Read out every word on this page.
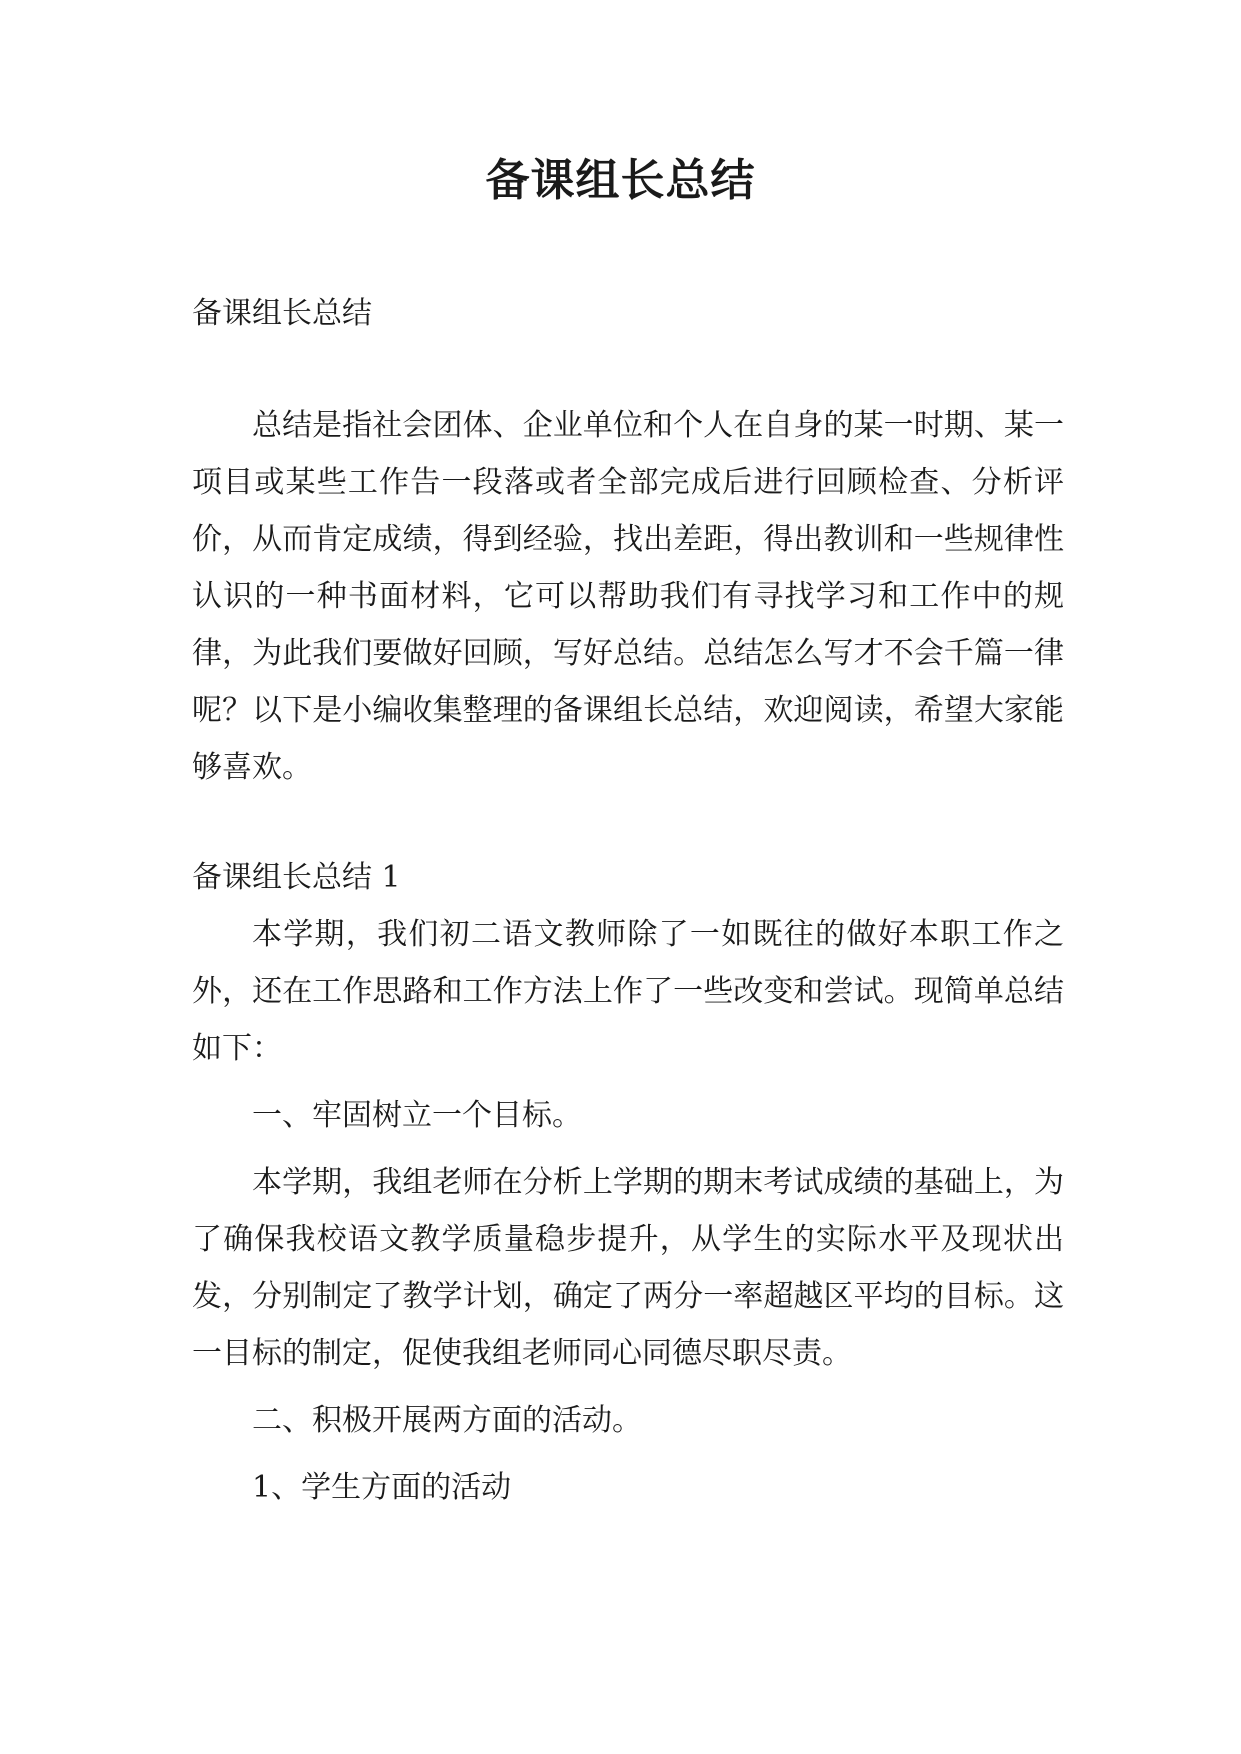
备课组长总结

备课组长总结

总结是指社会团体、企业单位和个人在自身的某一时期、某一项目或某些工作告一段落或者全部完成后进行回顾检查、分析评价，从而肯定成绩，得到经验，找出差距，得出教训和一些规律性认识的一种书面材料，它可以帮助我们有寻找学习和工作中的规律，为此我们要做好回顾，写好总结。总结怎么写才不会千篇一律呢？以下是小编收集整理的备课组长总结，欢迎阅读，希望大家能够喜欢。

备课组长总结 1

本学期，我们初二语文教师除了一如既往的做好本职工作之外，还在工作思路和工作方法上作了一些改变和尝试。现简单总结如下：

一、牢固树立一个目标。

本学期，我组老师在分析上学期的期末考试成绩的基础上，为了确保我校语文教学质量稳步提升，从学生的实际水平及现状出发，分别制定了教学计划，确定了两分一率超越区平均的目标。这一目标的制定，促使我组老师同心同德尽职尽责。

二、积极开展两方面的活动。

1、学生方面的活动
